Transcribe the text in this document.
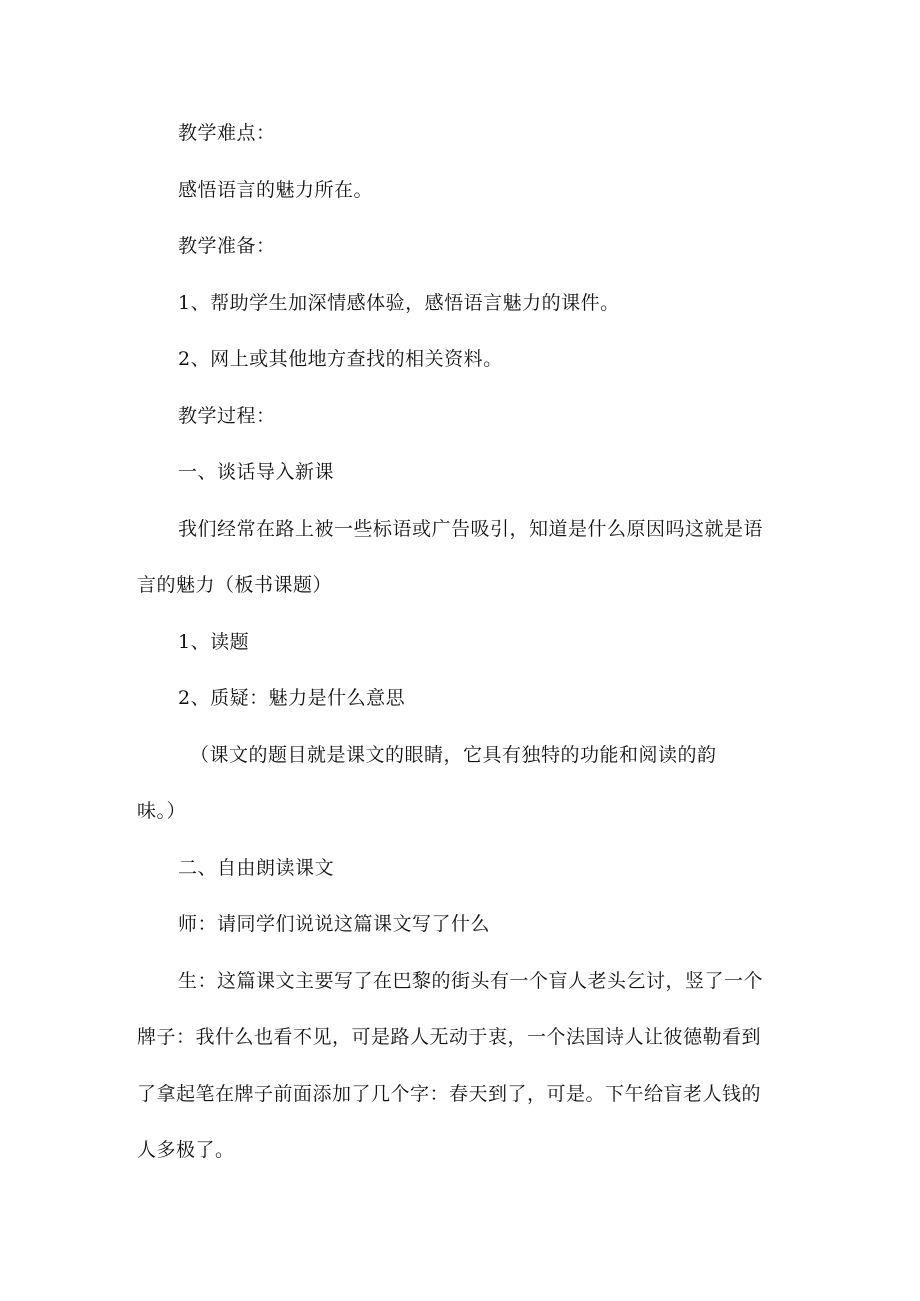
教学难点：
感悟语言的魅力所在。
教学准备：
1、帮助学生加深情感体验，感悟语言魅力的课件。
2、网上或其他地方查找的相关资料。
教学过程：
一、谈话导入新课
我们经常在路上被一些标语或广告吸引，知道是什么原因吗这就是语
言的魅力（板书课题）
1、读题
2、质疑：魅力是什么意思
（课文的题目就是课文的眼睛，它具有独特的功能和阅读的韵
味。）
二、自由朗读课文
师：请同学们说说这篇课文写了什么
生：这篇课文主要写了在巴黎的街头有一个盲人老头乞讨，竖了一个
牌子：我什么也看不见，可是路人无动于衷，一个法国诗人让彼德勒看到
了拿起笔在牌子前面添加了几个字：春天到了，可是。下午给盲老人钱的
人多极了。
